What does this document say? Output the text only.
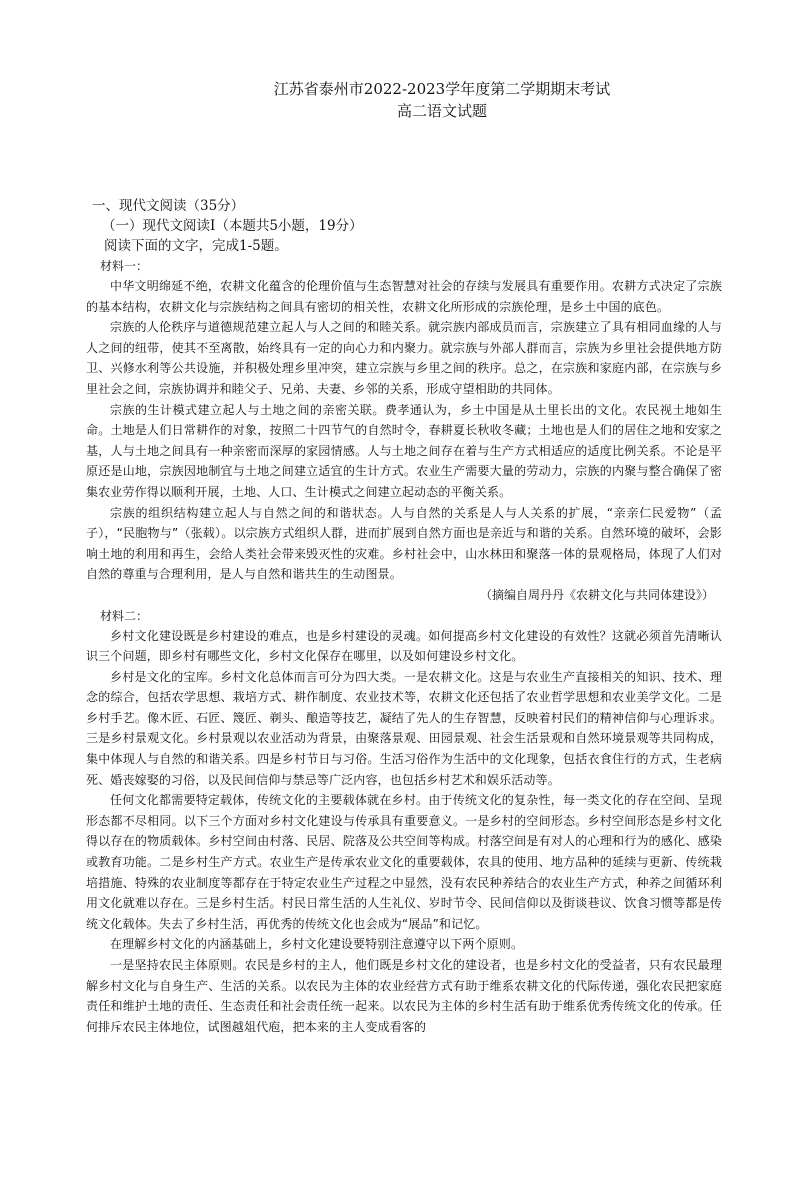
江苏省泰州市2022-2023学年度第二学期期末考试
高二语文试题
一、现代文阅读（35分）
（一）现代文阅读Ⅰ（本题共5小题，19分）
阅读下面的文字，完成1-5题。
材料一：

中华文明绵延不绝，农耕文化蕴含的伦理价值与生态智慧对社会的存续与发展具有重要作用。农耕方式决定了宗族的基本结构，农耕文化与宗族结构之间具有密切的相关性，农耕文化所形成的宗族伦理，是乡土中国的底色。

宗族的人伦秩序与道德规范建立起人与人之间的和睦关系。就宗族内部成员而言，宗族建立了具有相同血缘的人与人之间的纽带，使其不至离散，始终具有一定的向心力和内聚力。就宗族与外部人群而言，宗族为乡里社会提供地方防卫、兴修水利等公共设施，并积极处理乡里冲突，建立宗族与乡里之间的秩序。总之，在宗族和家庭内部，在宗族与乡里社会之间，宗族协调并和睦父子、兄弟、夫妻、乡邻的关系，形成守望相助的共同体。

宗族的生计模式建立起人与土地之间的亲密关联。费孝通认为，乡土中国是从土里长出的文化。农民视土地如生命。土地是人们日常耕作的对象，按照二十四节气的自然时令，春耕夏长秋收冬藏；土地也是人们的居住之地和安家之基，人与土地之间具有一种亲密而深厚的家园情感。人与土地之间存在着与生产方式相适应的适度比例关系。不论是平原还是山地，宗族因地制宜与土地之间建立适宜的生计方式。农业生产需要大量的劳动力，宗族的内聚与整合确保了密集农业劳作得以顺利开展，土地、人口、生计模式之间建立起动态的平衡关系。

宗族的组织结构建立起人与自然之间的和谐状态。人与自然的关系是人与人关系的扩展，“亲亲仁民爱物”（孟子），“民胞物与”（张载）。以宗族方式组织人群，进而扩展到自然方面也是亲近与和谐的关系。自然环境的破坏，会影响土地的利用和再生，会给人类社会带来毁灭性的灾难。乡村社会中，山水林田和聚落一体的景观格局，体现了人们对自然的尊重与合理利用，是人与自然和谐共生的生动图景。

（摘编自周丹丹《农耕文化与共同体建设》）
材料二：

乡村文化建设既是乡村建设的难点，也是乡村建设的灵魂。如何提高乡村文化建设的有效性？这就必须首先清晰认识三个问题，即乡村有哪些文化，乡村文化保存在哪里，以及如何建设乡村文化。

乡村是文化的宝库。乡村文化总体而言可分为四大类。一是农耕文化。这是与农业生产直接相关的知识、技术、理念的综合，包括农学思想、栽培方式、耕作制度、农业技术等，农耕文化还包括了农业哲学思想和农业美学文化。二是乡村手艺。像木匠、石匠、篾匠、剃头、酿造等技艺，凝结了先人的生存智慧，反映着村民们的精神信仰与心理诉求。三是乡村景观文化。乡村景观以农业活动为背景，由聚落景观、田园景观、社会生活景观和自然环境景观等共同构成，集中体现人与自然的和谐关系。四是乡村节日与习俗。生活习俗作为生活中的文化现象，包括衣食住行的方式，生老病死、婚丧嫁娶的习俗，以及民间信仰与禁忌等广泛内容，也包括乡村艺术和娱乐活动等。

任何文化都需要特定载体，传统文化的主要载体就在乡村。由于传统文化的复杂性，每一类文化的存在空间、呈现形态都不尽相同。以下三个方面对乡村文化建设与传承具有重要意义。一是乡村的空间形态。乡村空间形态是乡村文化得以存在的物质载体。乡村空间由村落、民居、院落及公共空间等构成。村落空间是有对人的心理和行为的感化、感染或教育功能。二是乡村生产方式。农业生产是传承农业文化的重要载体，农具的使用、地方品种的延续与更新、传统栽培措施、特殊的农业制度等都存在于特定农业生产过程之中显然，没有农民种养结合的农业生产方式，种养之间循环利用文化就难以存在。三是乡村生活。村民日常生活的人生礼仪、岁时节令、民间信仰以及街谈巷议、饮食习惯等都是传统文化载体。失去了乡村生活，再优秀的传统文化也会成为“展品”和记忆。

在理解乡村文化的内涵基础上，乡村文化建设要特别注意遵守以下两个原则。

一是坚持农民主体原则。农民是乡村的主人，他们既是乡村文化的建设者，也是乡村文化的受益者，只有农民最理解乡村文化与自身生产、生活的关系。以农民为主体的农业经营方式有助于维系农耕文化的代际传递，强化农民把家庭责任和维护土地的责任、生态责任和社会责任统一起来。以农民为主体的乡村生活有助于维系优秀传统文化的传承。任何排斥农民主体地位，试图越俎代庖，把本来的主人变成看客的
